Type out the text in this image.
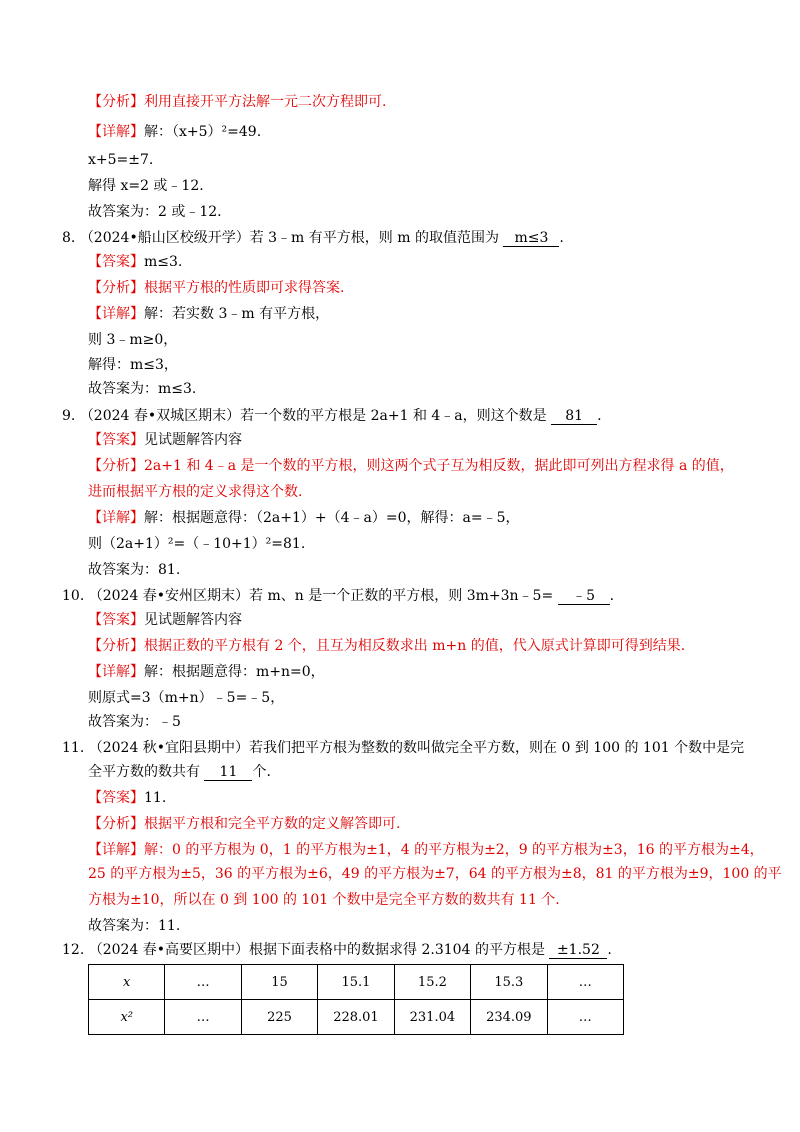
【分析】利用直接开平方法解一元二次方程即可.
【详解】解：（x+5）²=49.
x+5=±7.
解得 x=2 或﹣12.
故答案为：2 或﹣12.
8. （2024•船山区校级开学）若 3﹣m 有平方根，则 m 的取值范围为 m≤3 .
【答案】m≤3.
【分析】根据平方根的性质即可求得答案.
【详解】解：若实数 3﹣m 有平方根，
则 3﹣m≥0，
解得：m≤3，
故答案为：m≤3.
9. （2024 春•双城区期末）若一个数的平方根是 2a+1 和 4﹣a，则这个数是 81 .
【答案】见试题解答内容
【分析】2a+1 和 4﹣a 是一个数的平方根，则这两个式子互为相反数，据此即可列出方程求得 a 的值，
进而根据平方根的定义求得这个数.
【详解】解：根据题意得：（2a+1）+（4﹣a）=0，解得：a=﹣5，
则（2a+1）²=（﹣10+1）²=81.
故答案为：81.
10. （2024 春•安州区期末）若 m、n 是一个正数的平方根，则 3m+3n﹣5= ﹣5 .
【答案】见试题解答内容
【分析】根据正数的平方根有 2 个，且互为相反数求出 m+n 的值，代入原式计算即可得到结果.
【详解】解：根据题意得：m+n=0，
则原式=3（m+n）﹣5=﹣5，
故答案为：﹣5
11. （2024 秋•宜阳县期中）若我们把平方根为整数的数叫做完全平方数，则在 0 到 100 的 101 个数中是完
全平方数的数共有 11 个.
【答案】11.
【分析】根据平方根和完全平方数的定义解答即可.
【详解】解：0 的平方根为 0，1 的平方根为±1，4 的平方根为±2，9 的平方根为±3，16 的平方根为±4，
25 的平方根为±5，36 的平方根为±6，49 的平方根为±7，64 的平方根为±8，81 的平方根为±9，100 的平
方根为±10，所以在 0 到 100 的 101 个数中是完全平方数的数共有 11 个.
故答案为：11.
12. （2024 春•高要区期中）根据下面表格中的数据求得 2.3104 的平方根是 ±1.52 .
x	…	15	15.1	15.2	15.3	…
x²	…	225	228.01	231.04	234.09	…
